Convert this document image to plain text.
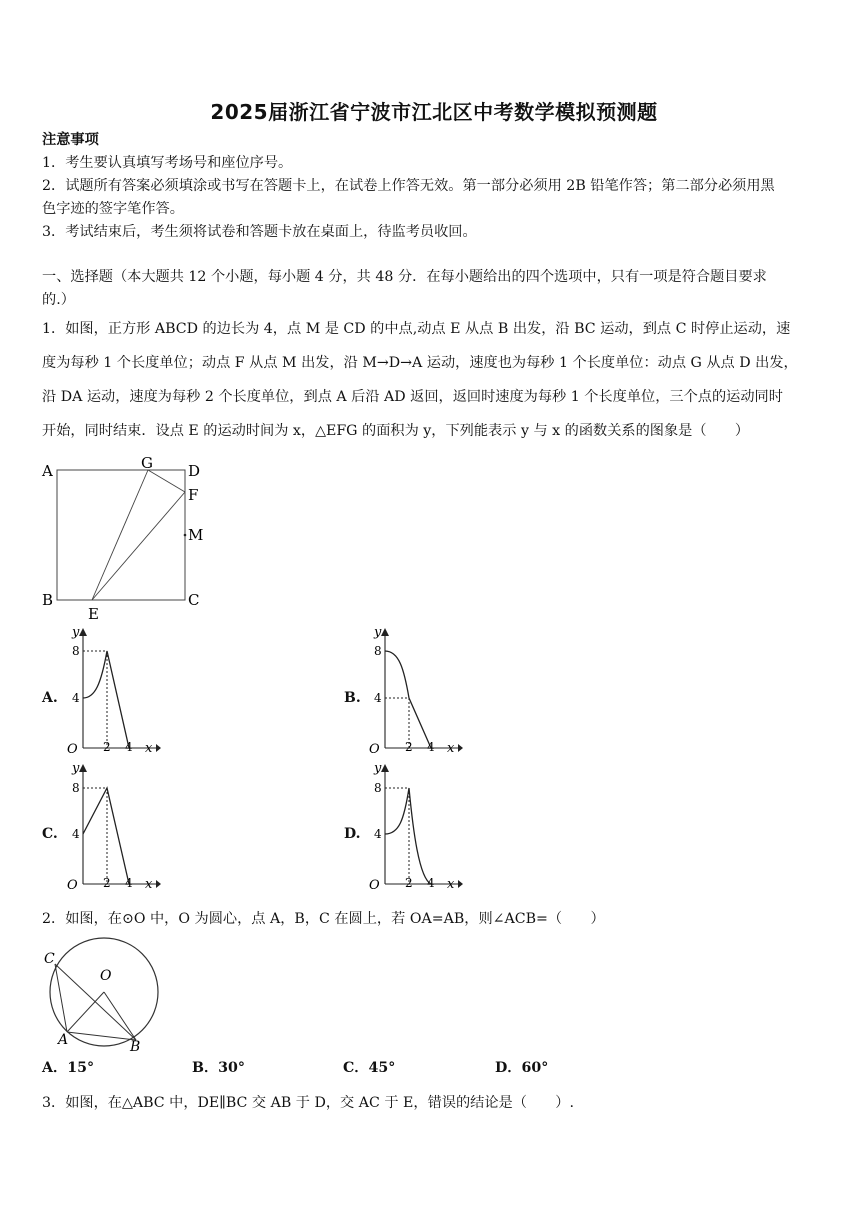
2025届浙江省宁波市江北区中考数学模拟预测题
注意事项
1．考生要认真填写考场号和座位序号。
2．试题所有答案必须填涂或书写在答题卡上，在试卷上作答无效。第一部分必须用 2B 铅笔作答；第二部分必须用黑
色字迹的签字笔作答。
3．考试结束后，考生须将试卷和答题卡放在桌面上，待监考员收回。
一、选择题（本大题共 12 个小题，每小题 4 分，共 48 分．在每小题给出的四个选项中，只有一项是符合题目要求
的.）
1．如图，正方形 ABCD 的边长为 4，点 M 是 CD 的中点,动点 E 从点 B 出发，沿 BC 运动，到点 C 时停止运动，速
度为每秒 1 个长度单位；动点 F 从点 M 出发，沿 M→D→A 运动，速度也为每秒 1 个长度单位：动点 G 从点 D 出发，
沿 DA 运动，速度为每秒 2 个长度单位，到点 A 后沿 AD 返回，返回时速度为每秒 1 个长度单位，三个点的运动同时
开始，同时结束．设点 E 的运动时间为 x，△EFG 的面积为 y，下列能表示 y 与 x 的函数关系的图象是（　　）
A	G D
F
M
B
E
C
A.	B.
C.	D.
y
x
O
8
4
2 4
y
x
O
8
4
2 4
y
x
O
8
4
2 4
y
x
O
8
4
2 4
2．如图，在⊙O 中，O 为圆心，点 A，B，C 在圆上，若 OA=AB，则∠ACB=（　　）
C
O
A	B
A．15°	B．30°	C．45°	D．60°
3．如图，在△ABC 中，DE∥BC 交 AB 于 D，交 AC 于 E，错误的结论是（　　）.
